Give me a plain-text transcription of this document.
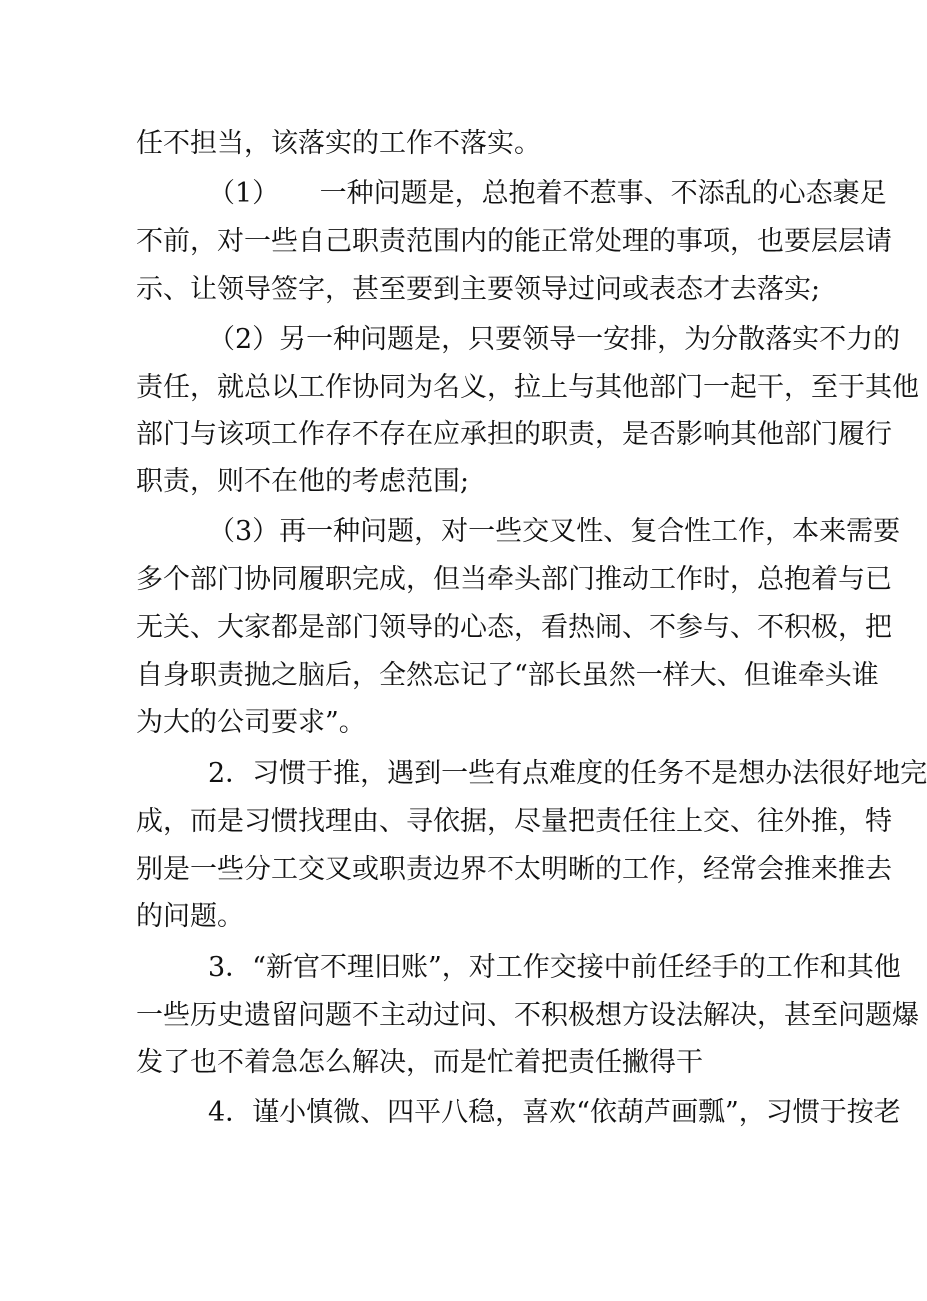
任不担当，该落实的工作不落实。
（1）　　一种问题是，总抱着不惹事、不添乱的心态裹足
不前，对一些自己职责范围内的能正常处理的事项，也要层层请
示、让领导签字，甚至要到主要领导过问或表态才去落实;
（2）另一种问题是，只要领导一安排，为分散落实不力的
责任，就总以工作协同为名义，拉上与其他部门一起干，至于其他
部门与该项工作存不存在应承担的职责，是否影响其他部门履行
职责，则不在他的考虑范围;
（3）再一种问题，对一些交叉性、复合性工作，本来需要
多个部门协同履职完成，但当牵头部门推动工作时，总抱着与已
无关、大家都是部门领导的心态，看热闹、不参与、不积极，把
自身职责抛之脑后，全然忘记了“部长虽然一样大、但谁牵头谁
为大的公司要求”。
2．习惯于推，遇到一些有点难度的任务不是想办法很好地完
成，而是习惯找理由、寻依据，尽量把责任往上交、往外推，特
别是一些分工交叉或职责边界不太明晰的工作，经常会推来推去
的问题。
3．“新官不理旧账”，对工作交接中前任经手的工作和其他
一些历史遗留问题不主动过问、不积极想方设法解决，甚至问题爆
发了也不着急怎么解决，而是忙着把责任撇得干
4．谨小慎微、四平八稳，喜欢“依葫芦画瓢”，习惯于按老
